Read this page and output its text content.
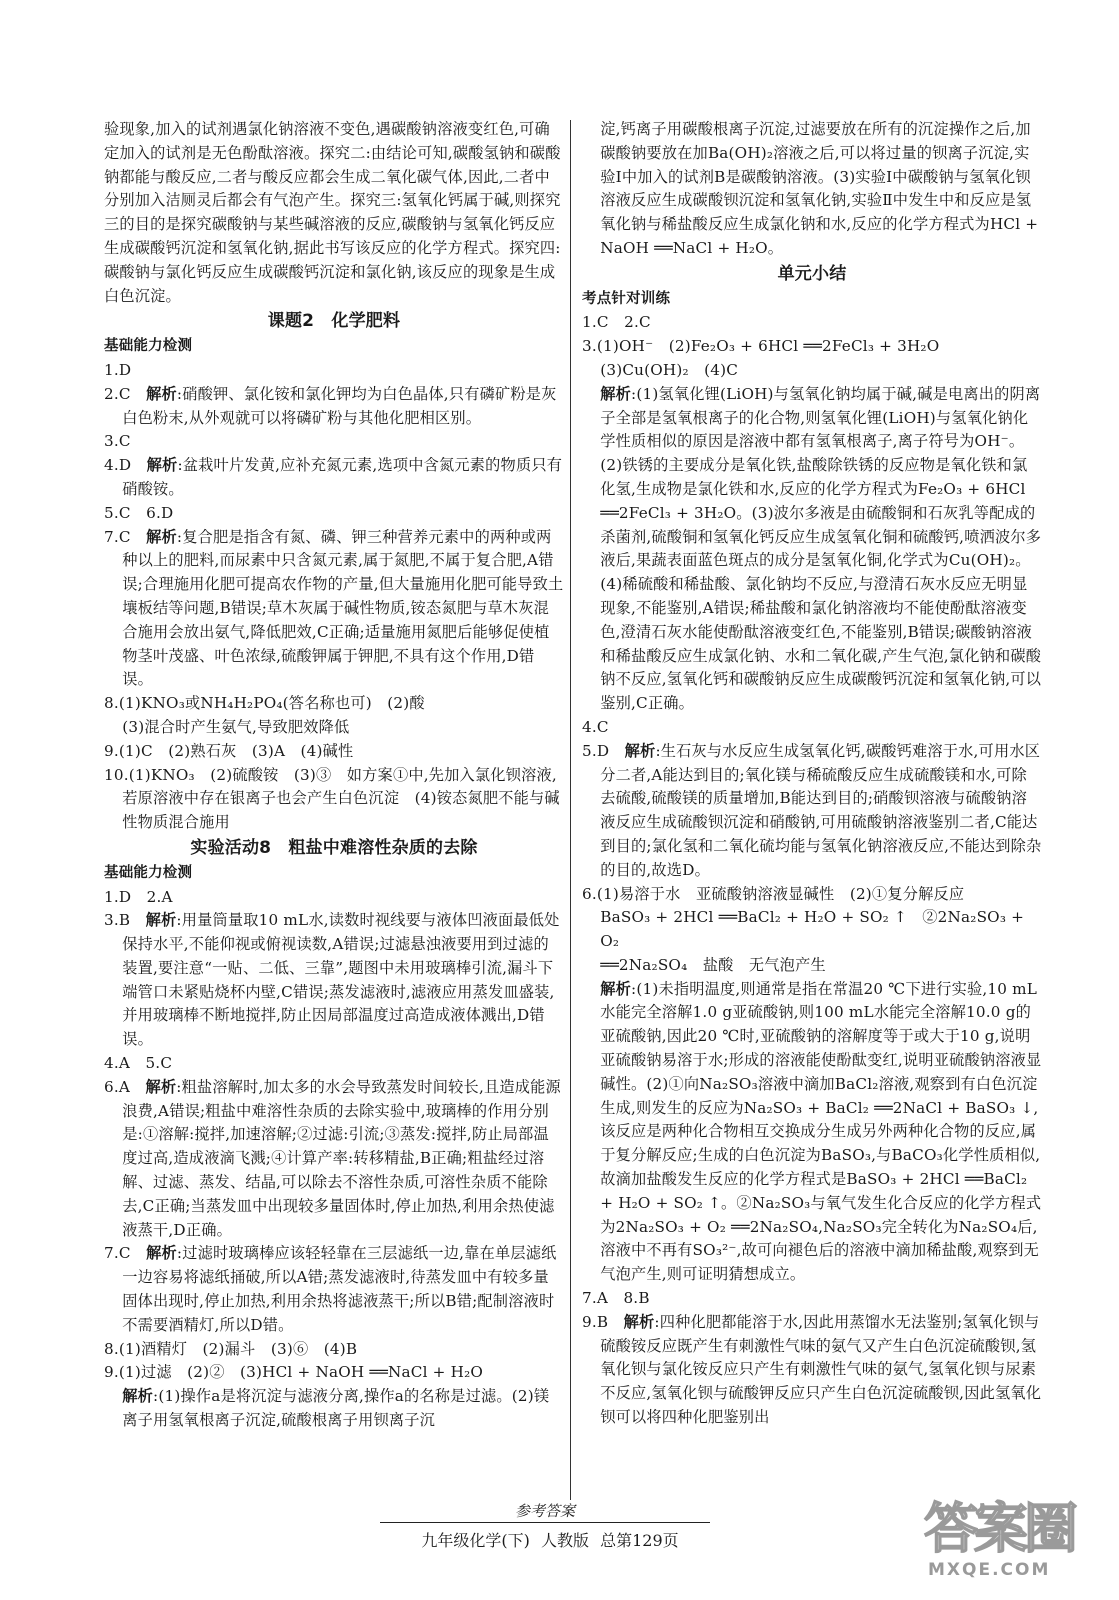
验现象,加入的试剂遇氯化钠溶液不变色,遇碳酸钠溶液变红色,可确定加入的试剂是无色酚酞溶液。探究二:由结论可知,碳酸氢钠和碳酸钠都能与酸反应,二者与酸反应都会生成二氧化碳气体,因此,二者中分别加入洁厕灵后都会有气泡产生。探究三:氢氧化钙属于碱,则探究三的目的是探究碳酸钠与某些碱溶液的反应,碳酸钠与氢氧化钙反应生成碳酸钙沉淀和氢氧化钠,据此书写该反应的化学方程式。探究四:碳酸钠与氯化钙反应生成碳酸钙沉淀和氯化钠,该反应的现象是生成白色沉淀。

课题2　化学肥料
基础能力检测

1.D

2.C　解析:硝酸钾、氯化铵和氯化钾均为白色晶体,只有磷矿粉是灰白色粉末,从外观就可以将磷矿粉与其他化肥相区别。

3.C

4.D　解析:盆栽叶片发黄,应补充氮元素,选项中含氮元素的物质只有硝酸铵。

5.C　6.D

7.C　解析:复合肥是指含有氮、磷、钾三种营养元素中的两种或两种以上的肥料,而尿素中只含氮元素,属于氮肥,不属于复合肥,A错误;合理施用化肥可提高农作物的产量,但大量施用化肥可能导致土壤板结等问题,B错误;草木灰属于碱性物质,铵态氮肥与草木灰混合施用会放出氨气,降低肥效,C正确;适量施用氮肥后能够促使植物茎叶茂盛、叶色浓绿,硫酸钾属于钾肥,不具有这个作用,D错误。

8.(1)KNO₃或NH₄H₂PO₄(答名称也可)　(2)酸

(3)混合时产生氨气,导致肥效降低

9.(1)C　(2)熟石灰　(3)A　(4)碱性

10.(1)KNO₃　(2)硫酸铵　(3)③　如方案①中,先加入氯化钡溶液,若原溶液中存在银离子也会产生白色沉淀　(4)铵态氮肥不能与碱性物质混合施用

实验活动8　粗盐中难溶性杂质的去除
基础能力检测

1.D　2.A

3.B　解析:用量筒量取10 mL水,读数时视线要与液体凹液面最低处保持水平,不能仰视或俯视读数,A错误;过滤悬浊液要用到过滤的装置,要注意“一贴、二低、三靠”,题图中未用玻璃棒引流,漏斗下端管口未紧贴烧杯内壁,C错误;蒸发滤液时,滤液应用蒸发皿盛装,并用玻璃棒不断地搅拌,防止因局部温度过高造成液体溅出,D错误。

4.A　5.C

6.A　解析:粗盐溶解时,加太多的水会导致蒸发时间较长,且造成能源浪费,A错误;粗盐中难溶性杂质的去除实验中,玻璃棒的作用分别是:①溶解:搅拌,加速溶解;②过滤:引流;③蒸发:搅拌,防止局部温度过高,造成液滴飞溅;④计算产率:转移精盐,B正确;粗盐经过溶解、过滤、蒸发、结晶,可以除去不溶性杂质,可溶性杂质不能除去,C正确;当蒸发皿中出现较多量固体时,停止加热,利用余热使滤液蒸干,D正确。

7.C　解析:过滤时玻璃棒应该轻轻靠在三层滤纸一边,靠在单层滤纸一边容易将滤纸捅破,所以A错;蒸发滤液时,待蒸发皿中有较多量固体出现时,停止加热,利用余热将滤液蒸干;所以B错;配制溶液时不需要酒精灯,所以D错。

8.(1)酒精灯　(2)漏斗　(3)⑥　(4)B

9.(1)过滤　(2)②　(3)HCl + NaOH ══NaCl + H₂O

解析:(1)操作a是将沉淀与滤液分离,操作a的名称是过滤。(2)镁离子用氢氧根离子沉淀,硫酸根离子用钡离子沉

淀,钙离子用碳酸根离子沉淀,过滤要放在所有的沉淀操作之后,加碳酸钠要放在加Ba(OH)₂溶液之后,可以将过量的钡离子沉淀,实验Ⅰ中加入的试剂B是碳酸钠溶液。(3)实验Ⅰ中碳酸钠与氢氧化钡溶液反应生成碳酸钡沉淀和氢氧化钠,实验Ⅱ中发生中和反应是氢氧化钠与稀盐酸反应生成氯化钠和水,反应的化学方程式为HCl + NaOH ══NaCl + H₂O。

单元小结
考点针对训练

1.C　2.C

3.(1)OH⁻　(2)Fe₂O₃ + 6HCl ══2FeCl₃ + 3H₂O

(3)Cu(OH)₂　(4)C

解析:(1)氢氧化锂(LiOH)与氢氧化钠均属于碱,碱是电离出的阴离子全部是氢氧根离子的化合物,则氢氧化锂(LiOH)与氢氧化钠化学性质相似的原因是溶液中都有氢氧根离子,离子符号为OH⁻。(2)铁锈的主要成分是氧化铁,盐酸除铁锈的反应物是氧化铁和氯化氢,生成物是氯化铁和水,反应的化学方程式为Fe₂O₃ + 6HCl ══2FeCl₃ + 3H₂O。(3)波尔多液是由硫酸铜和石灰乳等配成的杀菌剂,硫酸铜和氢氧化钙反应生成氢氧化铜和硫酸钙,喷洒波尔多液后,果蔬表面蓝色斑点的成分是氢氧化铜,化学式为Cu(OH)₂。(4)稀硫酸和稀盐酸、氯化钠均不反应,与澄清石灰水反应无明显现象,不能鉴别,A错误;稀盐酸和氯化钠溶液均不能使酚酞溶液变色,澄清石灰水能使酚酞溶液变红色,不能鉴别,B错误;碳酸钠溶液和稀盐酸反应生成氯化钠、水和二氧化碳,产生气泡,氯化钠和碳酸钠不反应,氢氧化钙和碳酸钠反应生成碳酸钙沉淀和氢氧化钠,可以鉴别,C正确。

4.C

5.D　解析:生石灰与水反应生成氢氧化钙,碳酸钙难溶于水,可用水区分二者,A能达到目的;氧化镁与稀硫酸反应生成硫酸镁和水,可除去硫酸,硫酸镁的质量增加,B能达到目的;硝酸钡溶液与硫酸钠溶液反应生成硫酸钡沉淀和硝酸钠,可用硫酸钠溶液鉴别二者,C能达到目的;氯化氢和二氧化硫均能与氢氧化钠溶液反应,不能达到除杂的目的,故选D。

6.(1)易溶于水　亚硫酸钠溶液显碱性　(2)①复分解反应

BaSO₃ + 2HCl ══BaCl₂ + H₂O + SO₂ ↑　②2Na₂SO₃ + O₂

══2Na₂SO₄　盐酸　无气泡产生

解析:(1)未指明温度,则通常是指在常温20 ℃下进行实验,10 mL水能完全溶解1.0 g亚硫酸钠,则100 mL水能完全溶解10.0 g的亚硫酸钠,因此20 ℃时,亚硫酸钠的溶解度等于或大于10 g,说明亚硫酸钠易溶于水;形成的溶液能使酚酞变红,说明亚硫酸钠溶液显碱性。(2)①向Na₂SO₃溶液中滴加BaCl₂溶液,观察到有白色沉淀生成,则发生的反应为Na₂SO₃ + BaCl₂ ══2NaCl + BaSO₃ ↓,该反应是两种化合物相互交换成分生成另外两种化合物的反应,属于复分解反应;生成的白色沉淀为BaSO₃,与BaCO₃化学性质相似,故滴加盐酸发生反应的化学方程式是BaSO₃ + 2HCl ══BaCl₂ + H₂O + SO₂ ↑。②Na₂SO₃与氧气发生化合反应的化学方程式为2Na₂SO₃ + O₂ ══2Na₂SO₄,Na₂SO₃完全转化为Na₂SO₄后,溶液中不再有SO₃²⁻,故可向褪色后的溶液中滴加稀盐酸,观察到无气泡产生,则可证明猜想成立。

7.A　8.B

9.B　解析:四种化肥都能溶于水,因此用蒸馏水无法鉴别;氢氧化钡与硫酸铵反应既产生有刺激性气味的氨气又产生白色沉淀硫酸钡,氢氧化钡与氯化铵反应只产生有刺激性气味的氨气,氢氧化钡与尿素不反应,氢氧化钡与硫酸钾反应只产生白色沉淀硫酸钡,因此氢氧化钡可以将四种化肥鉴别出

参考答案
九年级化学(下) 人教版 总第129页	答案圈
MXQE.COM
